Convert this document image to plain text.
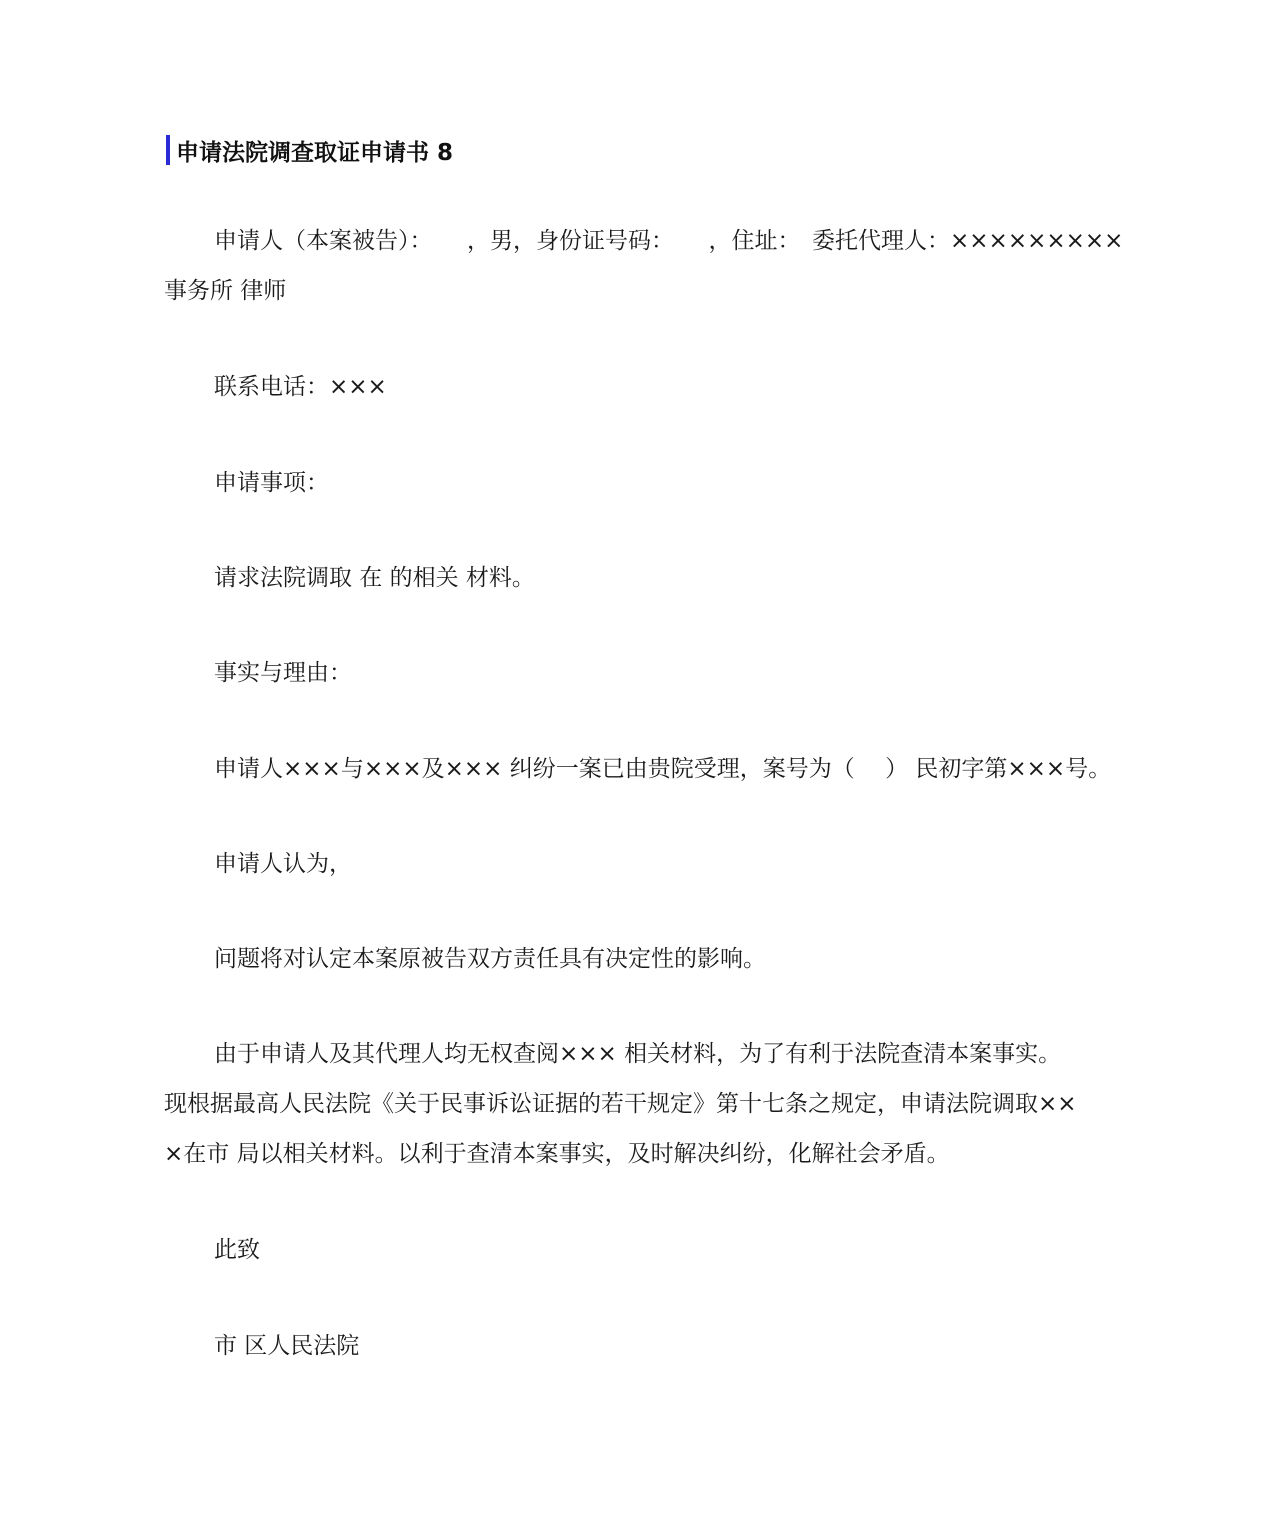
申请法院调查取证申请书 8
申请人（本案被告）：　　，男，身份证号码：　　，住址：　委托代理人：×××××××××
事务所 律师
联系电话：×××
申请事项：
请求法院调取 在 的相关 材料。
事实与理由：
申请人×××与×××及××× 纠纷一案已由贵院受理，案号为（　 ） 民初字第×××号。
申请人认为，
问题将对认定本案原被告双方责任具有决定性的影响。
由于申请人及其代理人均无权查阅××× 相关材料，为了有利于法院查清本案事实。
现根据最高人民法院《关于民事诉讼证据的若干规定》第十七条之规定，申请法院调取××
×在市 局以相关材料。以利于查清本案事实，及时解决纠纷，化解社会矛盾。
此致
市 区人民法院
